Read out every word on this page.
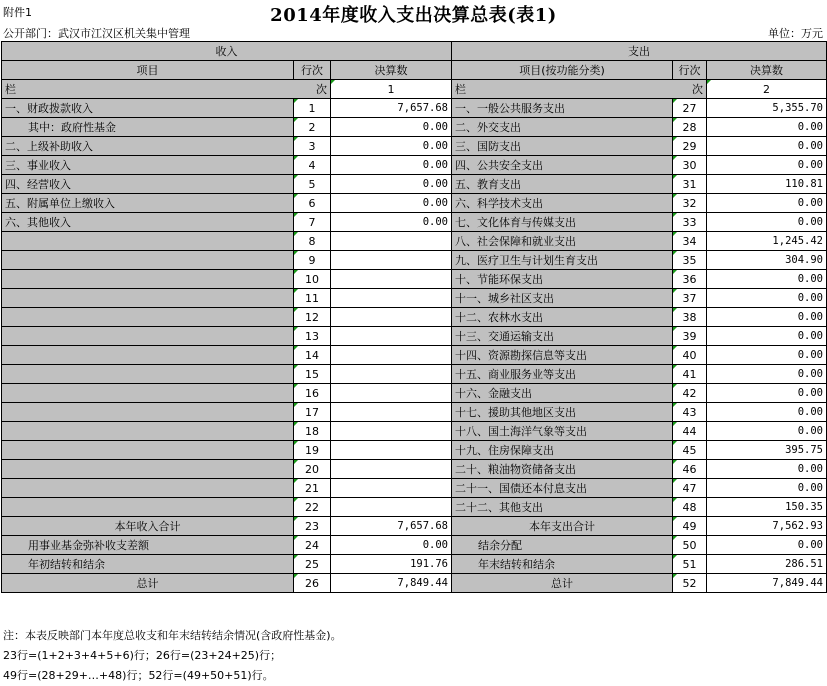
附件1	2014年度收入支出决算总表(表1)
公开部门：武汉市江汉区机关集中管理	单位：万元
收入			支出		
项目	行次	决算数	项目(按功能分类)	行次	决算数

栏 次		1	栏 次		2
一、财政拨款收入	1	7,657.68	一、一般公共服务支出	27	5,355.70
其中：政府性基金	2	0.00	二、外交支出	28	0.00
二、上级补助收入	3	0.00	三、国防支出	29	0.00
三、事业收入	4	0.00	四、公共安全支出	30	0.00
四、经营收入	5	0.00	五、教育支出	31	110.81
五、附属单位上缴收入	6	0.00	六、科学技术支出	32	0.00
六、其他收入	7	0.00	七、文化体育与传媒支出	33	0.00
	8		八、社会保障和就业支出	34	1,245.42
	9		九、医疗卫生与计划生育支出	35	304.90
	10		十、节能环保支出	36	0.00
	11		十一、城乡社区支出	37	0.00
	12		十二、农林水支出	38	0.00
	13		十三、交通运输支出	39	0.00
	14		十四、资源勘探信息等支出	40	0.00
	15		十五、商业服务业等支出	41	0.00
	16		十六、金融支出	42	0.00
	17		十七、援助其他地区支出	43	0.00
	18		十八、国土海洋气象等支出	44	0.00
	19		十九、住房保障支出	45	395.75
	20		二十、粮油物资储备支出	46	0.00
	21		二十一、国债还本付息支出	47	0.00
	22		二十二、其他支出	48	150.35
本年收入合计	23	7,657.68	本年支出合计	49	7,562.93
用事业基金弥补收支差额	24	0.00	结余分配	50	0.00
年初结转和结余	25	191.76	年末结转和结余	51	286.51
总计	26	7,849.44	总计	52	7,849.44
注：本表反映部门本年度总收支和年末结转结余情况(含政府性基金)。
23行=(1+2+3+4+5+6)行；26行=(23+24+25)行；
49行=(28+29+…+48)行；52行=(49+50+51)行。
